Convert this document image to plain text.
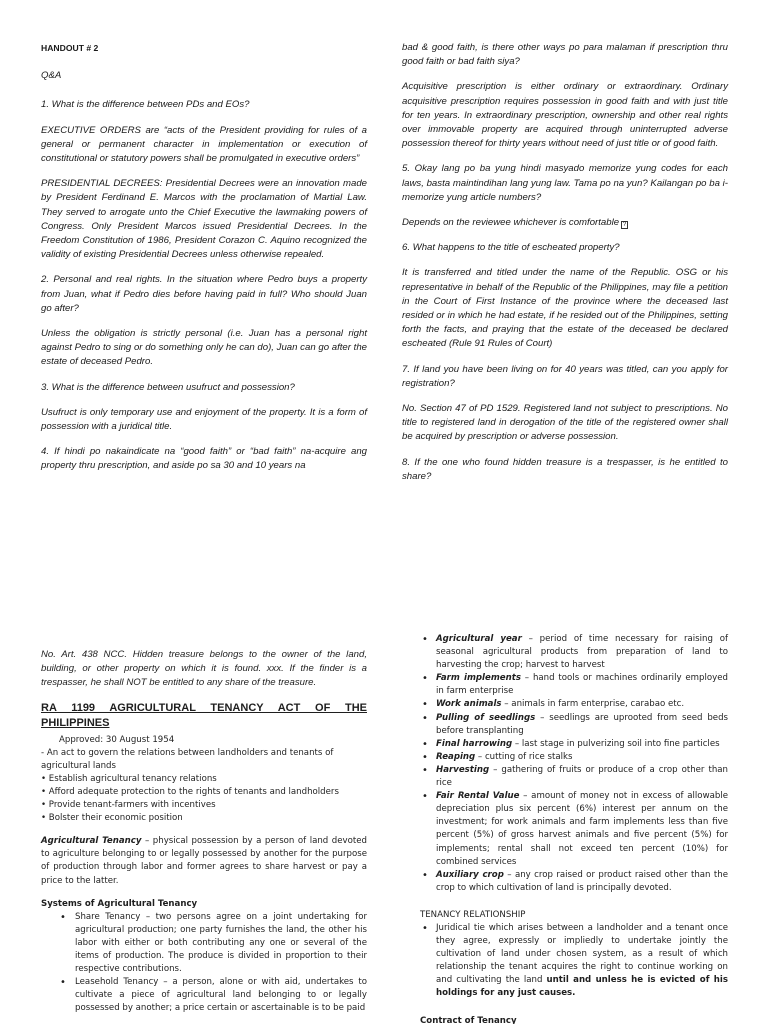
HANDOUT # 2
Q&A
1. What is the difference between PDs and EOs?
EXECUTIVE ORDERS are “acts of the President providing for rules of a general or permanent character in implementation or execution of constitutional or statutory powers shall be promulgated in executive orders”
PRESIDENTIAL DECREES: Presidential Decrees were an innovation made by President Ferdinand E. Marcos with the proclamation of Martial Law. They served to arrogate unto the Chief Executive the lawmaking powers of Congress. Only President Marcos issued Presidential Decrees. In the Freedom Constitution of 1986, President Corazon C. Aquino recognized the validity of existing Presidential Decrees unless otherwise repealed.
2. Personal and real rights. In the situation where Pedro buys a property from Juan, what if Pedro dies before having paid in full? Who should Juan go after?
Unless the obligation is strictly personal (i.e. Juan has a personal right against Pedro to sing or do something only he can do), Juan can go after the estate of deceased Pedro.
3. What is the difference between usufruct and possession?
Usufruct is only temporary use and enjoyment of the property. It is a form of possession with a juridical title.
4. If hindi po nakaindicate na “good faith” or “bad faith” na-acquire ang property thru prescription, and aside po sa 30 and 10 years na
bad & good faith, is there other ways po para malaman if prescription thru good faith or bad faith siya?
Acquisitive prescription is either ordinary or extraordinary. Ordinary acquisitive prescription requires possession in good faith and with just title for ten years. In extraordinary prescription, ownership and other real rights over immovable property are acquired through uninterrupted adverse possession thereof for thirty years without need of just title or of good faith.
5. Okay lang po ba yung hindi masyado memorize yung codes for each laws, basta maintindihan lang yung law. Tama po na yun? Kailangan po ba i-memorize yung article numbers?
Depends on the reviewee whichever is comfortable ?
6. What happens to the title of escheated property?
It is transferred and titled under the name of the Republic. OSG or his representative in behalf of the Republic of the Philippines, may file a petition in the Court of First Instance of the province where the deceased last resided or in which he had estate, if he resided out of the Philippines, setting forth the facts, and praying that the estate of the deceased be declared escheated (Rule 91 Rules of Court)
7. If land you have been living on for 40 years was titled, can you apply for registration?
No. Section 47 of PD 1529. Registered land not subject to prescriptions. No title to registered land in derogation of the title of the registered owner shall be acquired by prescription or adverse possession.
8. If the one who found hidden treasure is a trespasser, is he entitled to share?
No. Art. 438 NCC. Hidden treasure belongs to the owner of the land, building, or other property on which it is found. xxx. If the finder is a trespasser, he shall NOT be entitled to any share of the treasure.
RA 1199 AGRICULTURAL TENANCY ACT OF THE
PHILIPPINES
Approved: 30 August 1954
- An act to govern the relations between landholders and tenants of agricultural lands
• Establish agricultural tenancy relations
• Afford adequate protection to the rights of tenants and landholders
• Provide tenant-farmers with incentives
• Bolster their economic position
Agricultural Tenancy – physical possession by a person of land devoted to agriculture belonging to or legally possessed by another for the purpose of production through labor and former agrees to share harvest or pay a price to the latter.
Systems of Agricultural Tenancy
• Share Tenancy – two persons agree on a joint undertaking for agricultural production; one party furnishes the land, the other his labor with either or both contributing any one or several of the items of production. The produce is divided in proportion to their respective contributions.
• Leasehold Tenancy – a person, alone or with aid, undertakes to cultivate a piece of agricultural land belonging to or legally possessed by another; a price certain or ascertainable is to be paid
• Agricultural year – period of time necessary for raising of seasonal agricultural products from preparation of land to harvesting the crop; harvest to harvest
• Farm implements – hand tools or machines ordinarily employed in farm enterprise
• Work animals – animals in farm enterprise, carabao etc.
• Pulling of seedlings – seedlings are uprooted from seed beds before transplanting
• Final harrowing – last stage in pulverizing soil into fine particles
• Reaping – cutting of rice stalks
• Harvesting – gathering of fruits or produce of a crop other than rice
• Fair Rental Value – amount of money not in excess of allowable depreciation plus six percent (6%) interest per annum on the investment; for work animals and farm implements less than five percent (5%) of gross harvest animals and five percent (5%) for implements; rental shall not exceed ten percent (10%) for combined services
• Auxiliary crop – any crop raised or product raised other than the crop to which cultivation of land is principally devoted.
TENANCY RELATIONSHIP
• Juridical tie which arises between a landholder and a tenant once they agree, expressly or impliedly to undertake jointly the cultivation of land under chosen system, as a result of which relationship the tenant acquires the right to continue working on and cultivating the land until and unless he is evicted of his holdings for any just causes.
Contract of Tenancy
